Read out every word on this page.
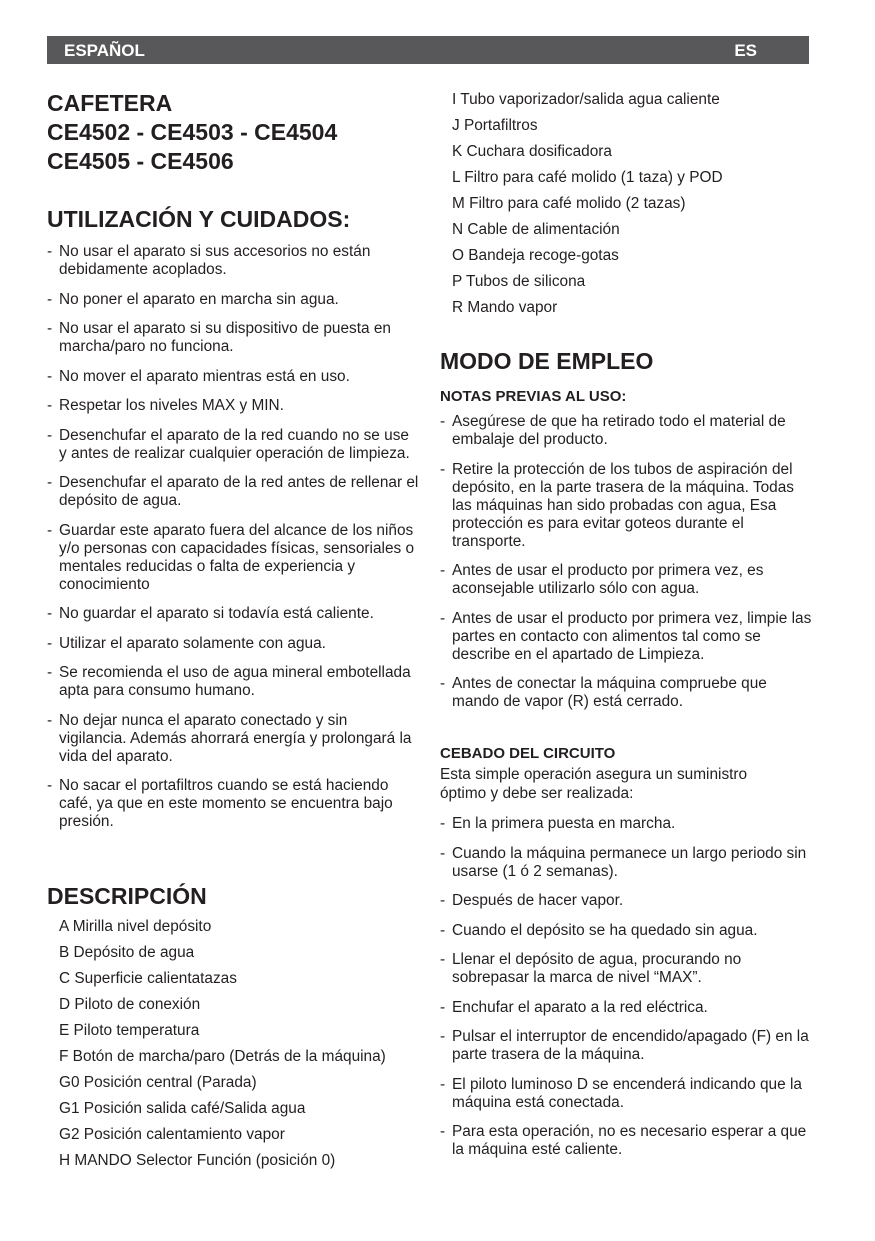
ESPAÑOL	ES
CAFETERA
CE4502 - CE4503 - CE4504
CE4505 - CE4506
UTILIZACIÓN Y CUIDADOS:
- No usar el aparato si sus accesorios no están debidamente acoplados.
- No poner el aparato en marcha sin agua.
- No usar el aparato si su dispositivo de puesta en marcha/paro no funciona.
- No mover el aparato mientras está en uso.
- Respetar los niveles MAX y MIN.
- Desenchufar el aparato de la red cuando no se use y antes de realizar cualquier operación de limpieza.
- Desenchufar el aparato de la red antes de rellenar el depósito de agua.
- Guardar este aparato fuera del alcance de los niños y/o personas con capacidades físicas, sensoriales o mentales reducidas o falta de experiencia y conocimiento
- No guardar el aparato si todavía está caliente.
- Utilizar el aparato solamente con agua.
- Se recomienda el uso de agua mineral embotellada apta para consumo humano.
- No dejar nunca el aparato conectado y sin vigilancia. Además ahorrará energía y prolongará la vida del aparato.
- No sacar el portafiltros cuando se está haciendo café, ya que en este momento se encuentra bajo presión.
DESCRIPCIÓN
A Mirilla nivel depósito
B Depósito de agua
C Superficie calientatazas
D Piloto de conexión
E Piloto temperatura
F Botón de marcha/paro (Detrás de la máquina)
G0 Posición central (Parada)
G1 Posición salida café/Salida agua
G2 Posición calentamiento vapor
H MANDO Selector Función (posición 0)
I Tubo vaporizador/salida agua caliente
J Portafiltros
K Cuchara dosificadora
L Filtro para café molido (1 taza) y POD
M Filtro para café molido (2 tazas)
N Cable de alimentación
O Bandeja recoge-gotas
P Tubos de silicona
R Mando vapor
MODO DE EMPLEO
NOTAS PREVIAS AL USO:
- Asegúrese de que ha retirado todo el material de embalaje del producto.
- Retire la protección de los tubos de aspiración del depósito, en la parte trasera de la máquina. Todas las máquinas han sido probadas con agua, Esa protección es para evitar goteos durante el transporte.
- Antes de usar el producto por primera vez, es aconsejable utilizarlo sólo con agua.
- Antes de usar el producto por primera vez, limpie las partes en contacto con alimentos tal como se describe en el apartado de Limpieza.
- Antes de conectar la máquina compruebe que mando de vapor (R) está cerrado.
CEBADO DEL CIRCUITO

Esta simple operación asegura un suministro óptimo y debe ser realizada:

- En la primera puesta en marcha.
- Cuando la máquina permanece un largo periodo sin usarse (1 ó 2 semanas).
- Después de hacer vapor.
- Cuando el depósito se ha quedado sin agua.
- Llenar el depósito de agua, procurando no sobrepasar la marca de nivel “MAX”.
- Enchufar el aparato a la red eléctrica.
- Pulsar el interruptor de encendido/apagado (F) en la parte trasera de la máquina.
- El piloto luminoso D se encenderá indicando que la máquina está conectada.
- Para esta operación, no es necesario esperar a que la máquina esté caliente.
